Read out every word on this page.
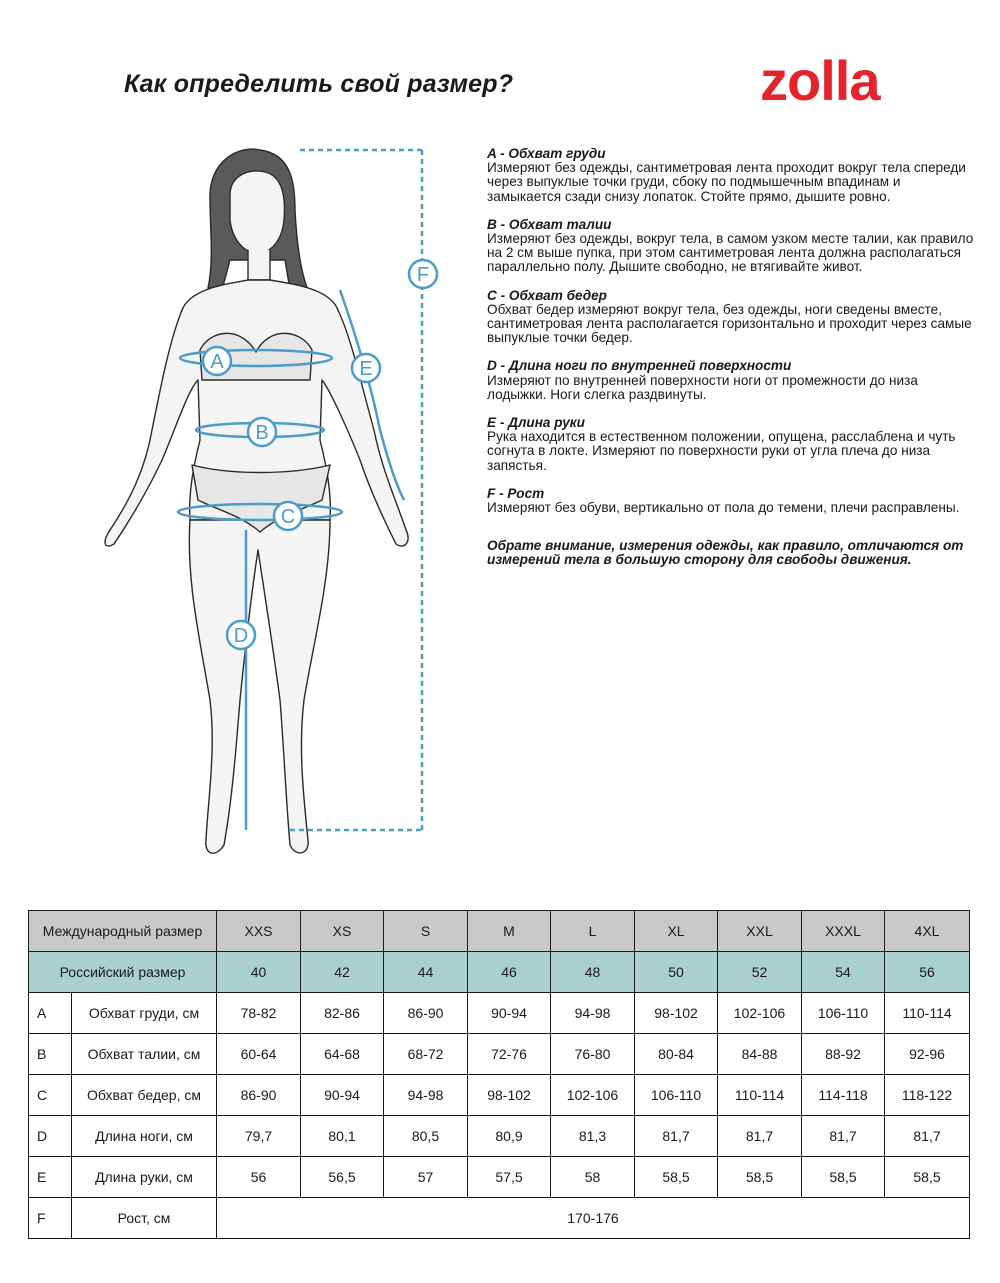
Как определить свой размер?	zolla
A
B
C
D
E
F
A - Обхват груди
Измеряют без одежды, сантиметровая лента проходит вокруг тела спереди через выпуклые точки груди, сбоку по подмышечным впадинам и замыкается сзади снизу лопаток. Стойте прямо, дышите ровно.
B - Обхват талии
Измеряют без одежды, вокруг тела, в самом узком месте талии, как правило на 2 см выше пупка, при этом сантиметровая лента должна располагаться параллельно полу. Дышите свободно, не втягивайте живот.
C - Обхват бедер
Обхват бедер измеряют вокруг тела, без одежды, ноги сведены вместе, сантиметровая лента располагается горизонтально и проходит через самые выпуклые точки бедер.
D - Длина ноги по внутренней поверхности
Измеряют по внутренней поверхности ноги от промежности до низа лодыжки. Ноги слегка раздвинуты.
E - Длина руки
Рука находится в естественном положении, опущена, расслаблена и чуть согнута в локте. Измеряют по поверхности руки от угла плеча до низа запястья.
F - Рост
Измеряют без обуви, вертикально от пола до темени, плечи расправлены.
Обрате внимание, измерения одежды, как правило, отличаются от измерений тела в большую сторону для свободы движения.
Международный размер		XXS	XS	S	M	L	XL	XXL	XXXL	4XL
Российский размер		40	42	44	46	48	50	52	54	56
A	Обхват груди, см	78-82	82-86	86-90	90-94	94-98	98-102	102-106	106-110	110-114
B	Обхват талии, см	60-64	64-68	68-72	72-76	76-80	80-84	84-88	88-92	92-96
C	Обхват бедер, см	86-90	90-94	94-98	98-102	102-106	106-110	110-114	114-118	118-122
D	Длина ноги, см	79,7	80,1	80,5	80,9	81,3	81,7	81,7	81,7	81,7
E	Длина руки, см	56	56,5	57	57,5	58	58,5	58,5	58,5	58,5
F	Рост, см	170-176								
